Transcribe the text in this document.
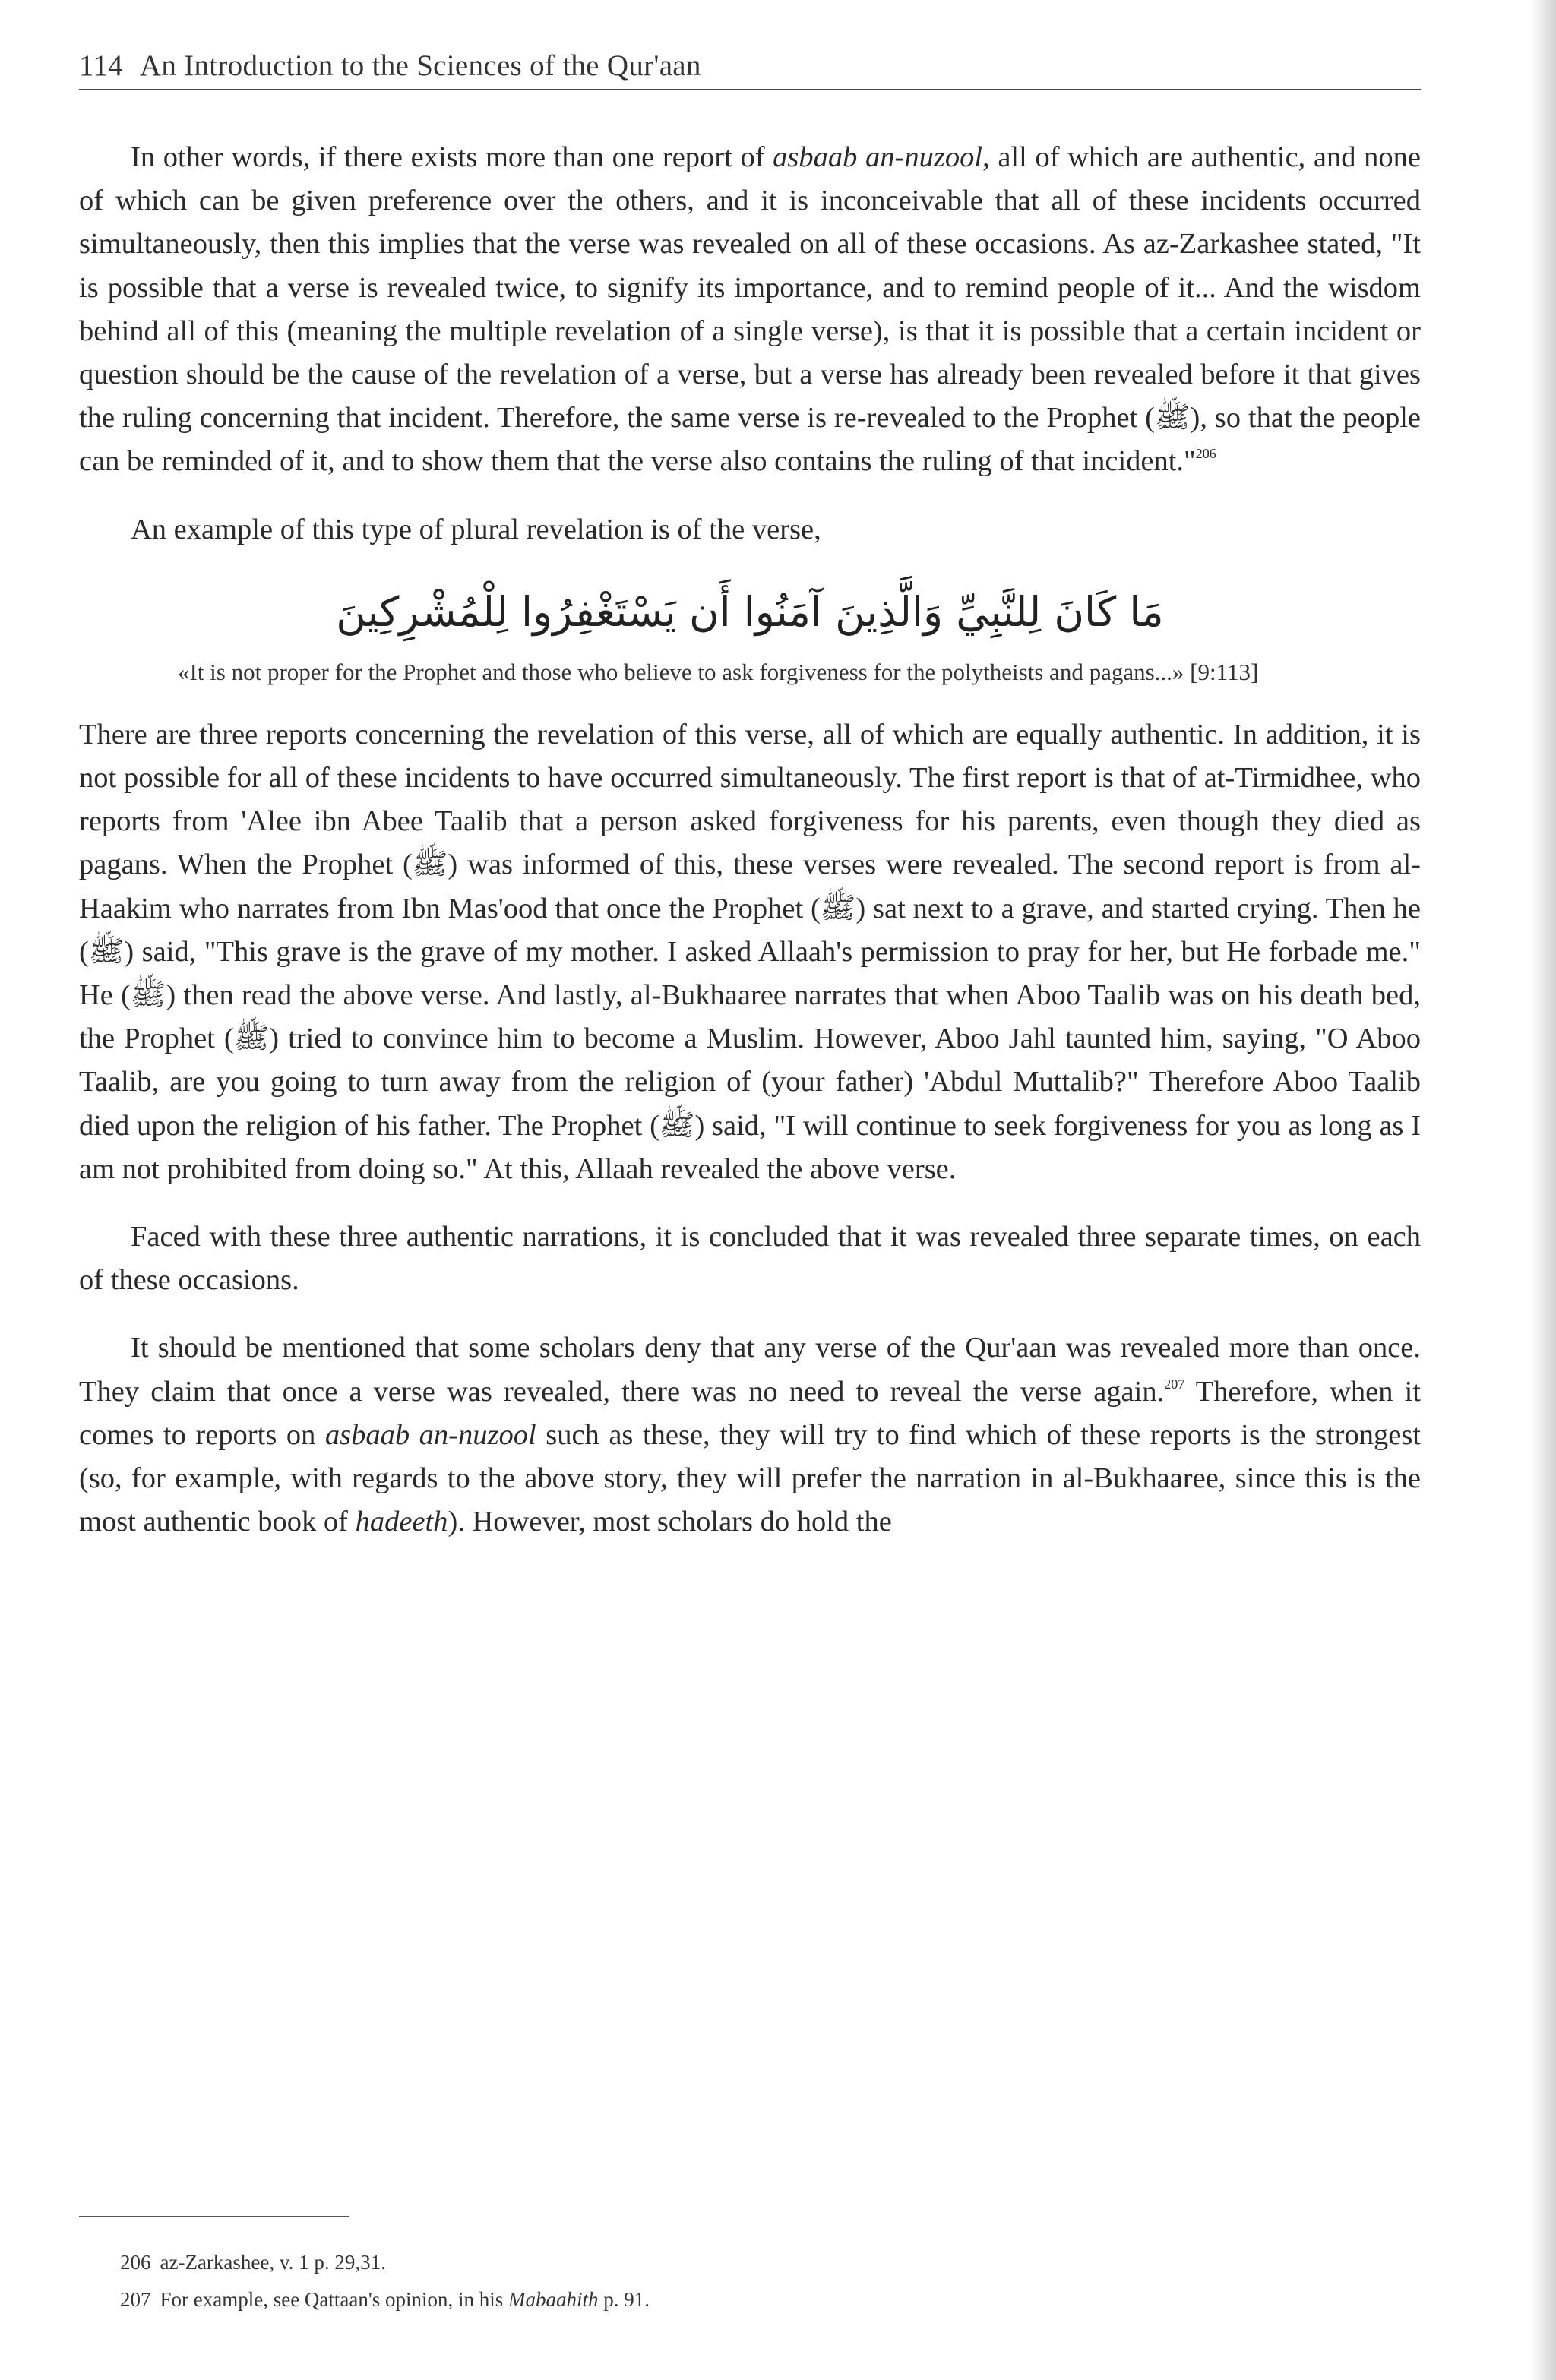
114 An Introduction to the Sciences of the Qur'aan

In other words, if there exists more than one report of asbaab an-nuzool, all of which are authentic, and none of which can be given preference over the others, and it is inconceivable that all of these incidents occurred simultaneously, then this implies that the verse was revealed on all of these occasions. As az-Zarkashee stated, "It is possible that a verse is revealed twice, to signify its importance, and to remind people of it... And the wisdom behind all of this (meaning the multiple revelation of a single verse), is that it is possible that a certain incident or question should be the cause of the revelation of a verse, but a verse has already been revealed before it that gives the ruling concerning that incident. Therefore, the same verse is re-revealed to the Prophet (ﷺ), so that the people can be reminded of it, and to show them that the verse also contains the ruling of that incident."$^{206}$

An example of this type of plural revelation is of the verse,

مَا كَانَ لِلنَّبِيِّ وَالَّذِينَ آمَنُوا أَن يَسْتَغْفِرُوا لِلْمُشْرِكِينَ
«It is not proper for the Prophet and those who believe to ask forgiveness for the polytheists and pagans...» [9:113]

There are three reports concerning the revelation of this verse, all of which are equally authentic. In addition, it is not possible for all of these incidents to have occurred simultaneously. The first report is that of at-Tirmidhee, who reports from 'Alee ibn Abee Taalib that a person asked forgiveness for his parents, even though they died as pagans. When the Prophet (ﷺ) was informed of this, these verses were revealed. The second report is from al-Haakim who narrates from Ibn Mas'ood that once the Prophet (ﷺ) sat next to a grave, and started crying. Then he (ﷺ) said, "This grave is the grave of my mother. I asked Allaah's permission to pray for her, but He forbade me." He (ﷺ) then read the above verse. And lastly, al-Bukhaaree narrates that when Aboo Taalib was on his death bed, the Prophet (ﷺ) tried to convince him to become a Muslim. However, Aboo Jahl taunted him, saying, "O Aboo Taalib, are you going to turn away from the religion of (your father) 'Abdul Muttalib?" Therefore Aboo Taalib died upon the religion of his father. The Prophet (ﷺ) said, "I will continue to seek forgiveness for you as long as I am not prohibited from doing so." At this, Allaah revealed the above verse.

Faced with these three authentic narrations, it is concluded that it was revealed three separate times, on each of these occasions.

It should be mentioned that some scholars deny that any verse of the Qur'aan was revealed more than once. They claim that once a verse was revealed, there was no need to reveal the verse again.$^{207}$ Therefore, when it comes to reports on asbaab an-nuzool such as these, they will try to find which of these reports is the strongest (so, for example, with regards to the above story, they will prefer the narration in al-Bukhaaree, since this is the most authentic book of hadeeth). However, most scholars do hold the

206 az-Zarkashee, v. 1 p. 29,31.
207 For example, see Qattaan's opinion, in his Mabaahith p. 91.
